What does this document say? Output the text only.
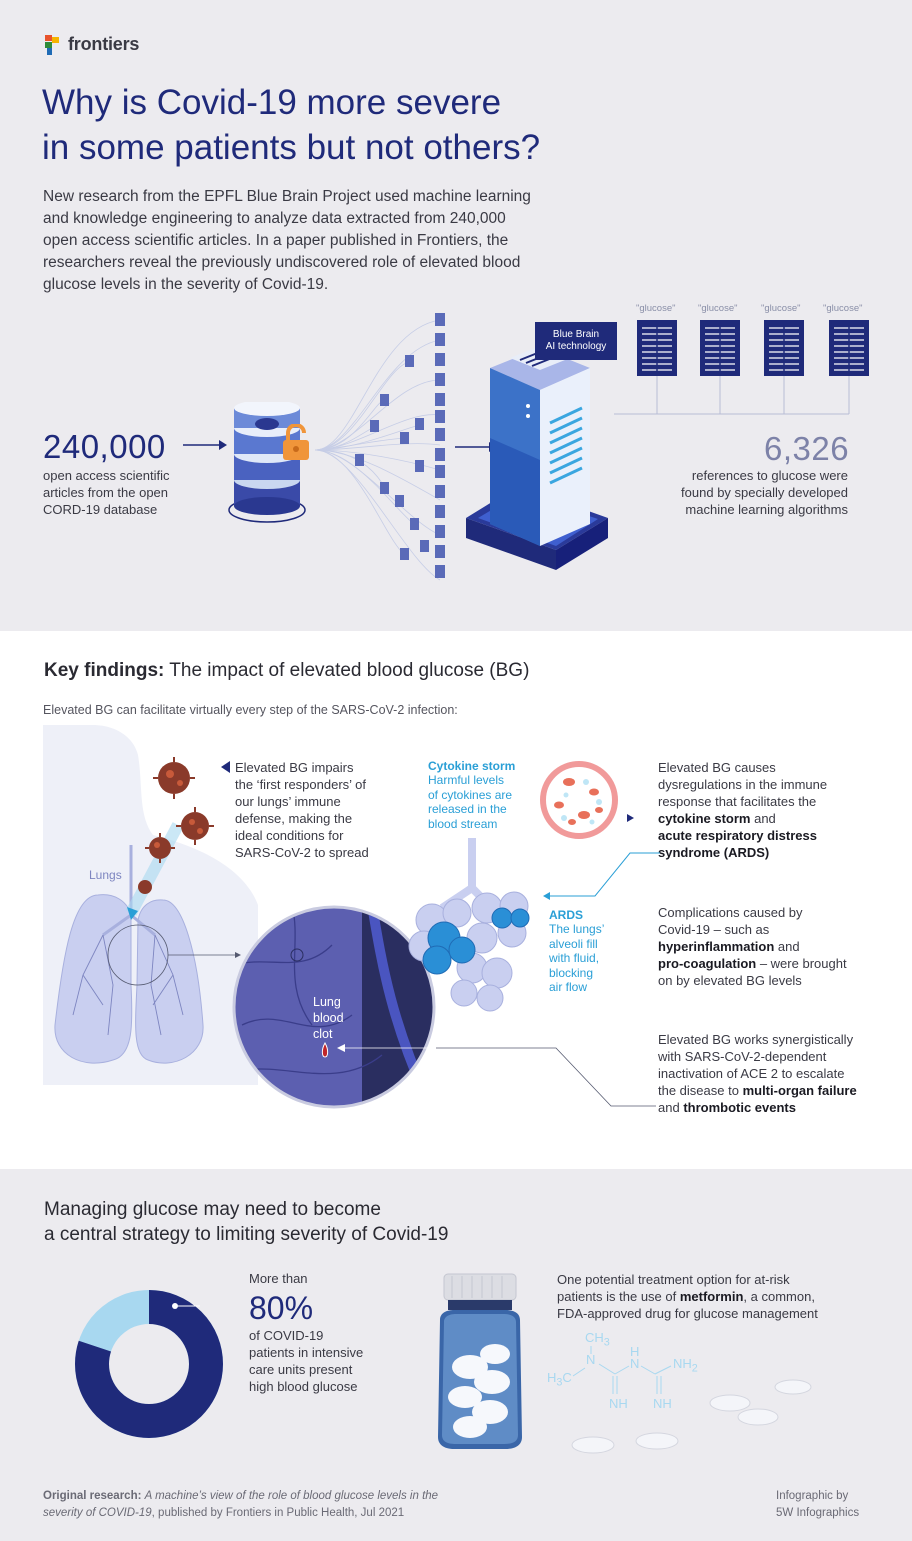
frontiers
Why is Covid-19 more severe
in some patients but not others?
New research from the EPFL Blue Brain Project used machine learning and knowledge engineering to analyze data extracted from 240,000 open access scientific articles. In a paper published in Frontiers, the researchers reveal the previously undiscovered role of elevated blood glucose levels in the severity of Covid-19.
240,000
open access scientific
articles from the open
CORD-19 database
Blue Brain
AI technology
"glucose" "glucose" "glucose" "glucose"
6,326
references to glucose were
found by specially developed
machine learning algorithms
Key findings: The impact of elevated blood glucose (BG)
Elevated BG can facilitate virtually every step of the SARS-CoV-2 infection:
Lungs
Elevated BG impairs
the ‘first responders’ of
our lungs’ immune
defense, making the
ideal conditions for
SARS-CoV-2 to spread
Lung
blood
clot
Cytokine storm
Harmful levels
of cytokines are
released in the
blood stream
Elevated BG causes
dysregulations in the immune
response that facilitates the
cytokine storm and
acute respiratory distress
syndrome (ARDS)
ARDS
The lungs’
alveoli fill
with fluid,
blocking
air flow
Complications caused by
Covid-19 – such as
hyperinflammation and
pro-coagulation – were brought
on by elevated BG levels
Elevated BG works synergistically
with SARS-CoV-2-dependent
inactivation of ACE 2 to escalate
the disease to multi-organ failure
and thrombotic events
Managing glucose may need to become
a central strategy to limiting severity of Covid-19
More than
80%
of COVID-19
patients in intensive
care units present
high blood glucose
One potential treatment option for at-risk
patients is the use of metformin, a common,
FDA-approved drug for glucose management
$CH_3$
N
H
N	$NH_2$
$H_3C$
NH NH
Original research: A machine’s view of the role of blood glucose levels in the
severity of COVID-19, published by Frontiers in Public Health, Jul 2021
Infographic by
5W Infographics
